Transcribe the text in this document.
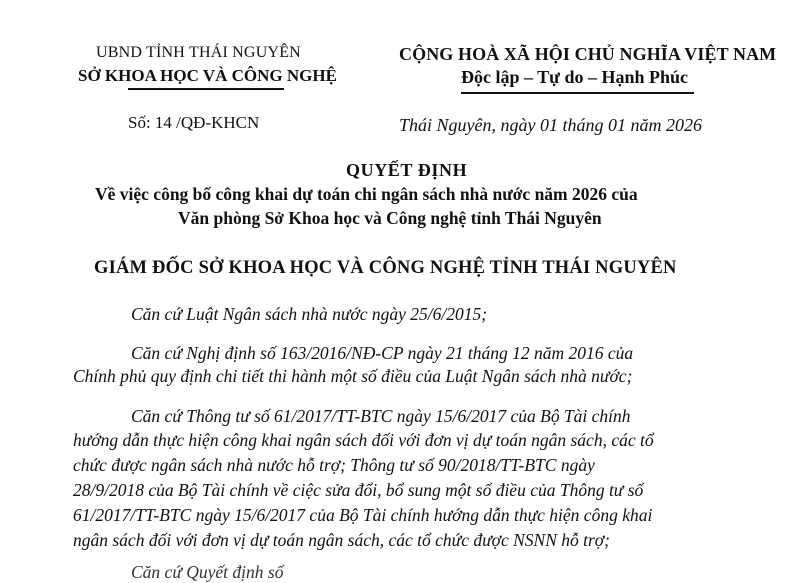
UBND TỈNH THÁI NGUYÊN
SỞ KHOA HỌC VÀ CÔNG NGHỆ
Số: 14 /QĐ-KHCN
CỘNG HOÀ XÃ HỘI CHỦ NGHĨA VIỆT NAM
Độc lập – Tự do – Hạnh Phúc
Thái Nguyên, ngày 01 tháng 01 năm 2026
QUYẾT ĐỊNH
Về việc công bố công khai dự toán chi ngân sách nhà nước năm 2026 của
Văn phòng Sở Khoa học và Công nghệ tỉnh Thái Nguyên
GIÁM ĐỐC SỞ KHOA HỌC VÀ CÔNG NGHỆ TỈNH THÁI NGUYÊN
Căn cứ Luật Ngân sách nhà nước ngày 25/6/2015;
Căn cứ Nghị định số 163/2016/NĐ-CP ngày 21 tháng 12 năm 2016 của
Chính phủ quy định chi tiết thi hành một số điều của Luật Ngân sách nhà nước;
Căn cứ Thông tư số 61/2017/TT-BTC ngày 15/6/2017 của Bộ Tài chính
hướng dẫn thực hiện công khai ngân sách đối với đơn vị dự toán ngân sách, các tổ
chức được ngân sách nhà nước hỗ trợ; Thông tư số 90/2018/TT-BTC ngày
28/9/2018 của Bộ Tài chính về ciệc sửa đổi, bổ sung một số điều của Thông tư số
61/2017/TT-BTC ngày 15/6/2017 của Bộ Tài chính hướng dẫn thực hiện công khai
ngân sách đối với đơn vị dự toán ngân sách, các tổ chức được NSNN hỗ trợ;
Căn cứ Quyết định số
